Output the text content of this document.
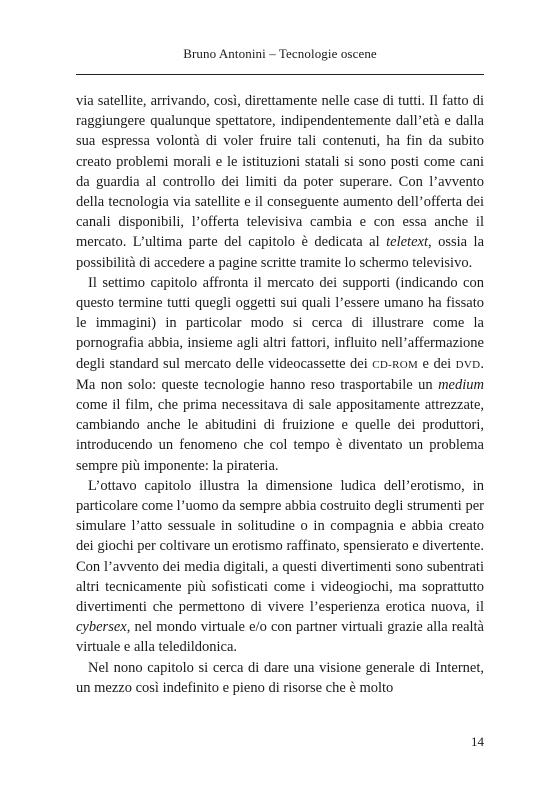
Bruno Antonini – Tecnologie oscene

via satellite, arrivando, così, direttamente nelle case di tutti. Il fatto di raggiungere qualunque spettatore, indipendentemente dall’età e dalla sua espressa volontà di voler fruire tali contenuti, ha fin da subito creato problemi morali e le istituzioni statali si sono posti come cani da guardia al controllo dei limiti da poter superare. Con l’avvento della tecnologia via satellite e il conseguente aumento dell’offerta dei canali disponibili, l’offerta televisiva cambia e con essa anche il mercato. L’ultima parte del capitolo è dedicata al teletext, ossia la possibilità di accedere a pagine scritte tramite lo schermo televisivo.

Il settimo capitolo affronta il mercato dei supporti (indicando con questo termine tutti quegli oggetti sui quali l’essere umano ha fissato le immagini) in particolar modo si cerca di illustrare come la pornografia abbia, insieme agli altri fattori, influito nell’affermazione degli standard sul mercato delle videocassette dei CD-ROM e dei DVD. Ma non solo: queste tecnologie hanno reso trasportabile un medium come il film, che prima necessitava di sale appositamente attrezzate, cambiando anche le abitudini di fruizione e quelle dei produttori, introducendo un fenomeno che col tempo è diventato un problema sempre più imponente: la pirateria.

L’ottavo capitolo illustra la dimensione ludica dell’erotismo, in particolare come l’uomo da sempre abbia costruito degli strumenti per simulare l’atto sessuale in solitudine o in compagnia e abbia creato dei giochi per coltivare un erotismo raffinato, spensierato e divertente. Con l’avvento dei media digitali, a questi divertimenti sono subentrati altri tecnicamente più sofisticati come i videogiochi, ma soprattutto divertimenti che permettono di vivere l’esperienza erotica nuova, il cybersex, nel mondo virtuale e/o con partner virtuali grazie alla realtà virtuale e alla teledildonica.

Nel nono capitolo si cerca di dare una visione generale di Internet, un mezzo così indefinito e pieno di risorse che è molto

14
